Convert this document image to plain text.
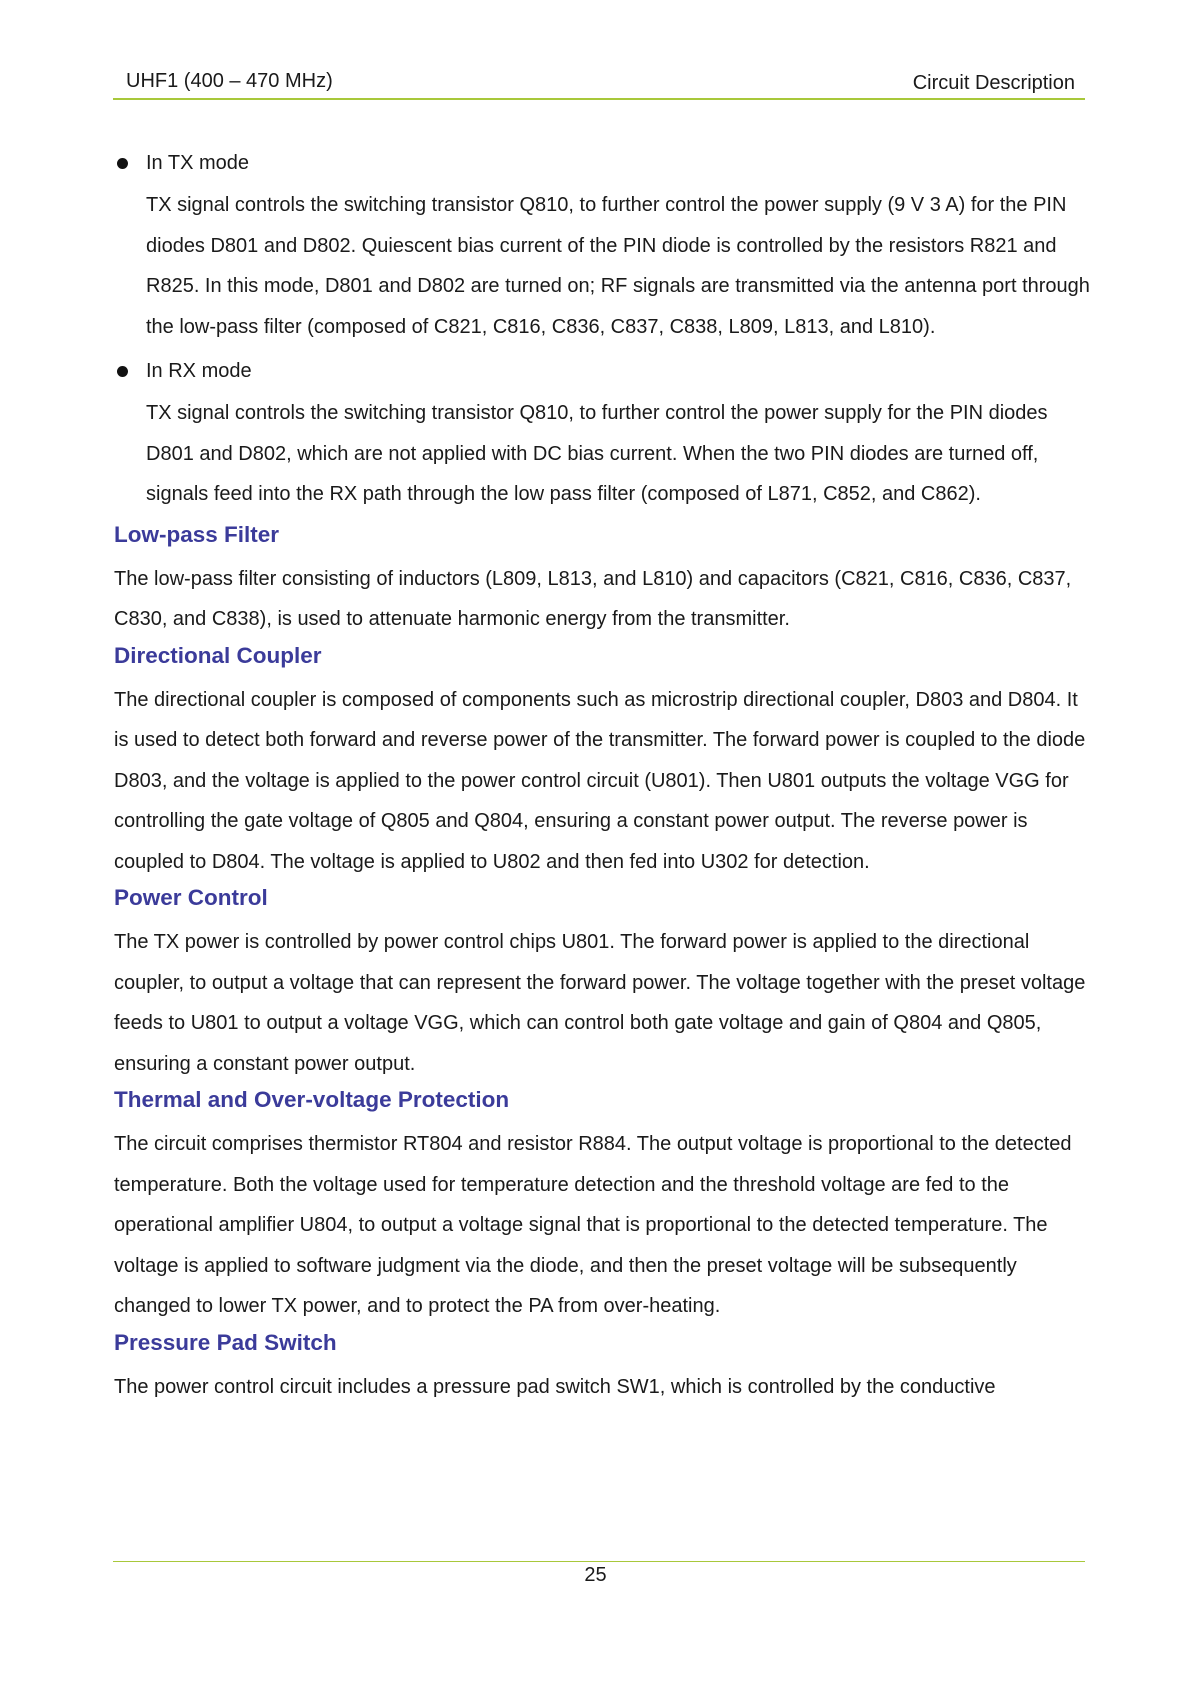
UHF1 (400 – 470 MHz)	Circuit Description
In TX mode
TX signal controls the switching transistor Q810, to further control the power supply (9 V 3 A) for the PIN diodes D801 and D802. Quiescent bias current of the PIN diode is controlled by the resistors R821 and R825. In this mode, D801 and D802 are turned on; RF signals are transmitted via the antenna port through the low-pass filter (composed of C821, C816, C836, C837, C838, L809, L813, and L810).
In RX mode
TX signal controls the switching transistor Q810, to further control the power supply for the PIN diodes D801 and D802, which are not applied with DC bias current. When the two PIN diodes are turned off, signals feed into the RX path through the low pass filter (composed of L871, C852, and C862).
Low-pass Filter
The low-pass filter consisting of inductors (L809, L813, and L810) and capacitors (C821, C816, C836, C837, C830, and C838), is used to attenuate harmonic energy from the transmitter.
Directional Coupler
The directional coupler is composed of components such as microstrip directional coupler, D803 and D804. It is used to detect both forward and reverse power of the transmitter. The forward power is coupled to the diode D803, and the voltage is applied to the power control circuit (U801). Then U801 outputs the voltage VGG for controlling the gate voltage of Q805 and Q804, ensuring a constant power output. The reverse power is coupled to D804. The voltage is applied to U802 and then fed into U302 for detection.
Power Control
The TX power is controlled by power control chips U801. The forward power is applied to the directional coupler, to output a voltage that can represent the forward power. The voltage together with the preset voltage feeds to U801 to output a voltage VGG, which can control both gate voltage and gain of Q804 and Q805, ensuring a constant power output.
Thermal and Over-voltage Protection
The circuit comprises thermistor RT804 and resistor R884. The output voltage is proportional to the detected temperature. Both the voltage used for temperature detection and the threshold voltage are fed to the operational amplifier U804, to output a voltage signal that is proportional to the detected temperature. The voltage is applied to software judgment via the diode, and then the preset voltage will be subsequently changed to lower TX power, and to protect the PA from over-heating.
Pressure Pad Switch
The power control circuit includes a pressure pad switch SW1, which is controlled by the conductive
25
